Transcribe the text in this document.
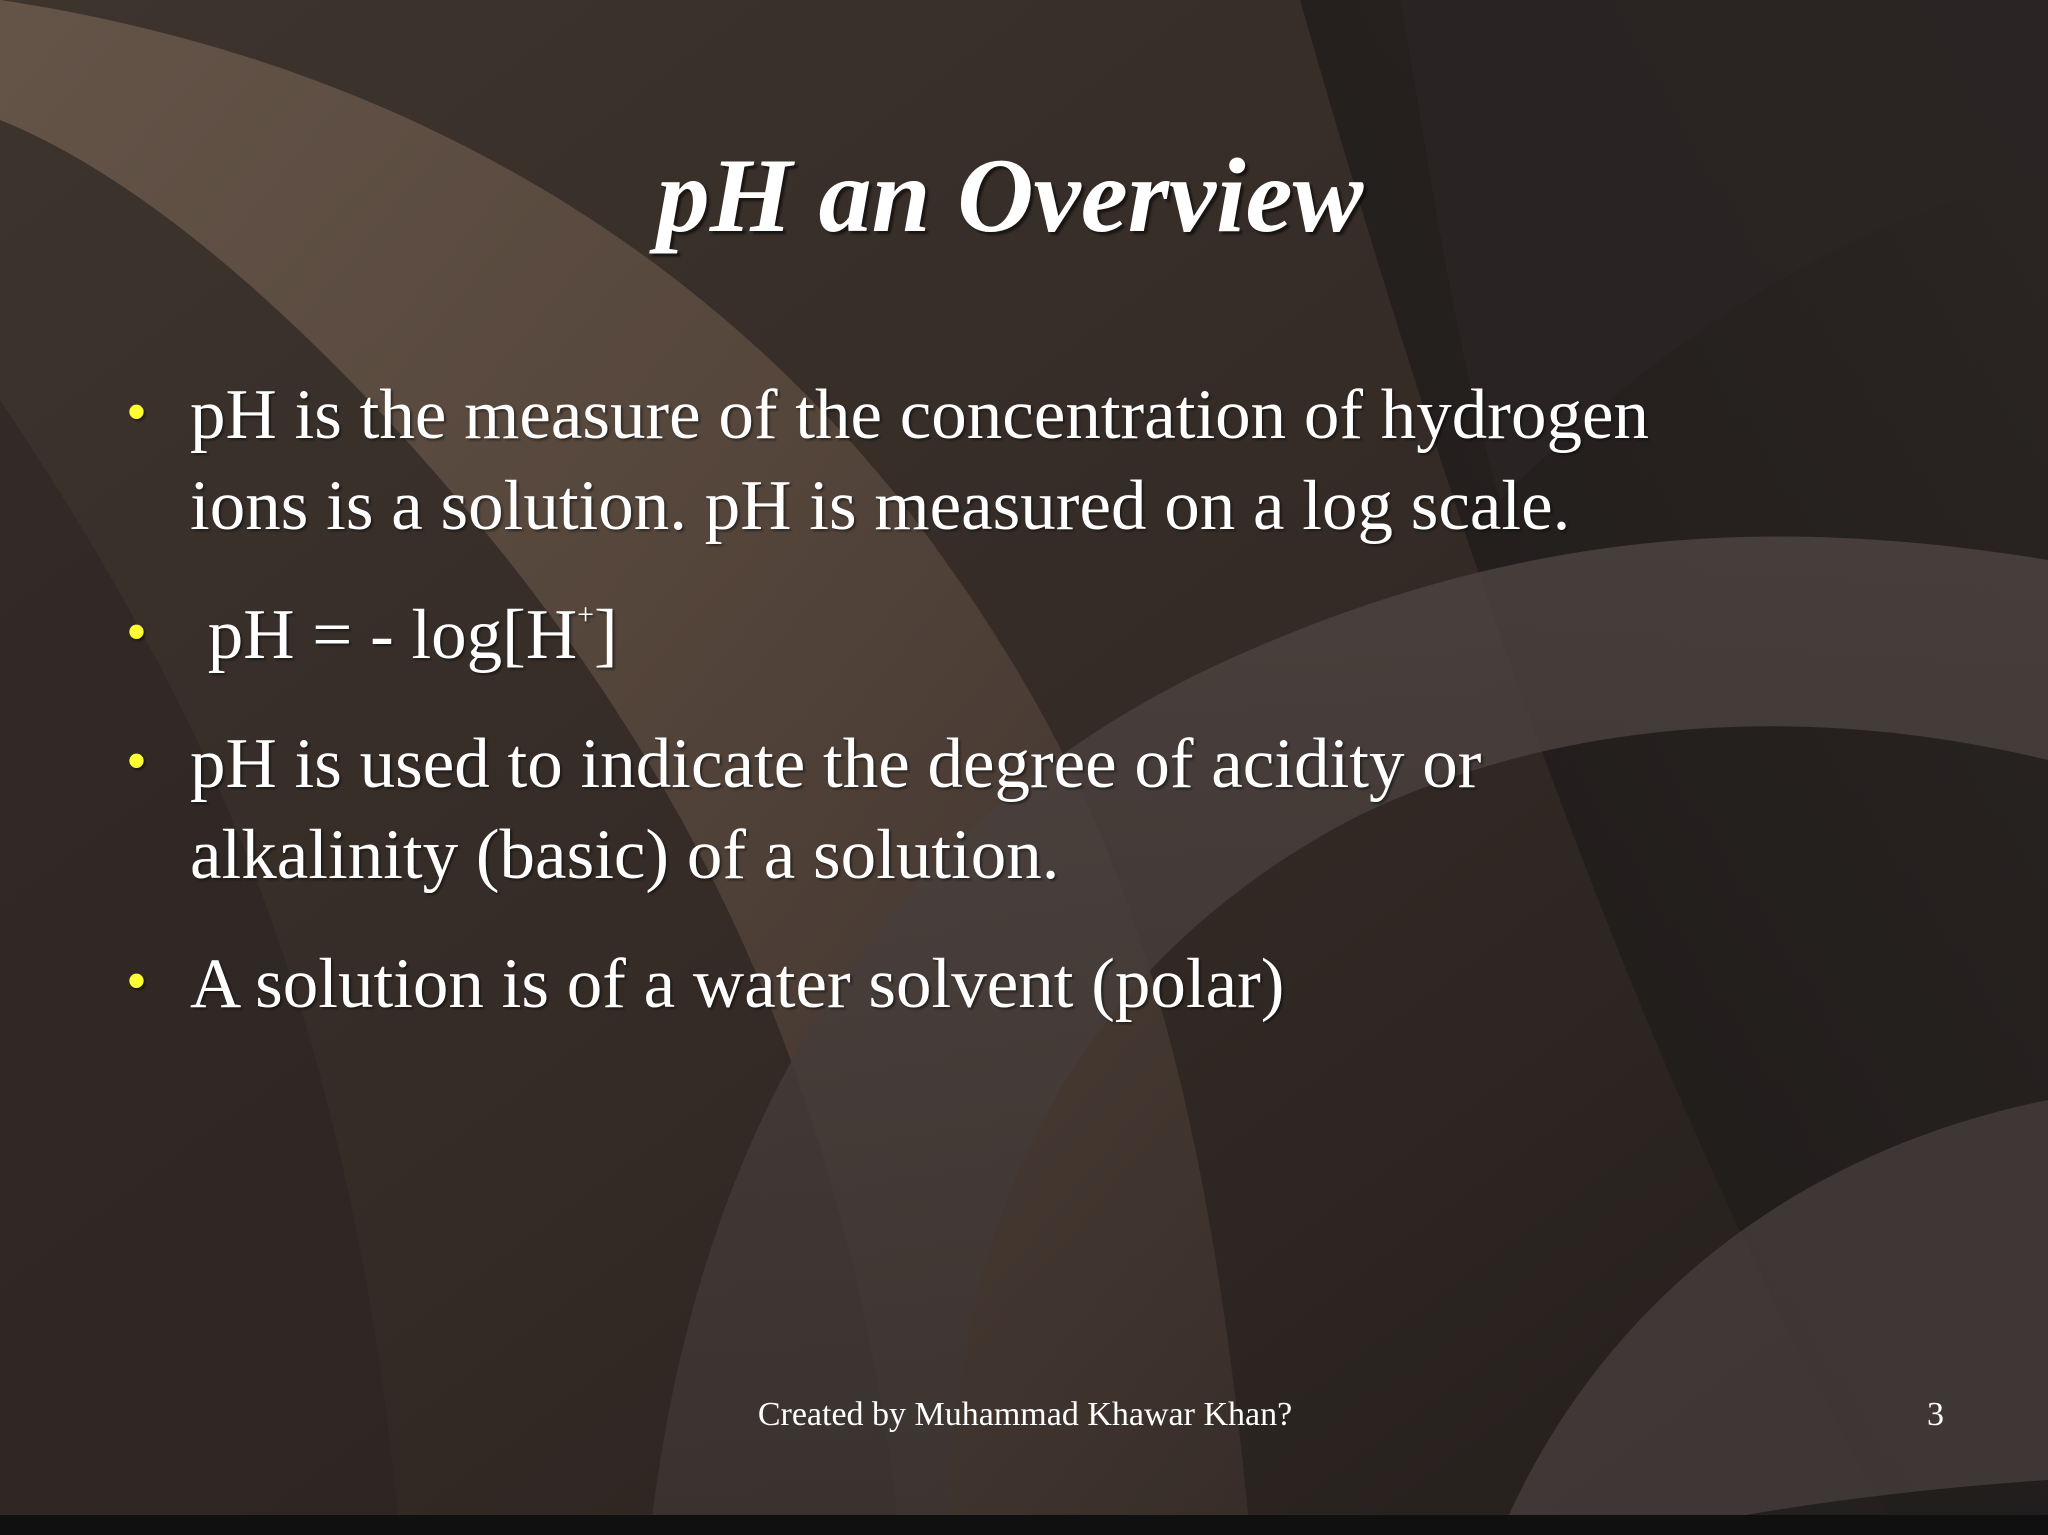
pH an Overview
• pH is the measure of the concentration of hydrogen
ions is a solution. pH is measured on a log scale.
• pH = - log[H+]
• pH is used to indicate the degree of acidity or
alkalinity (basic) of a solution.
• A solution is of a water solvent (polar)
Created by Muhammad Khawar Khan?	3
